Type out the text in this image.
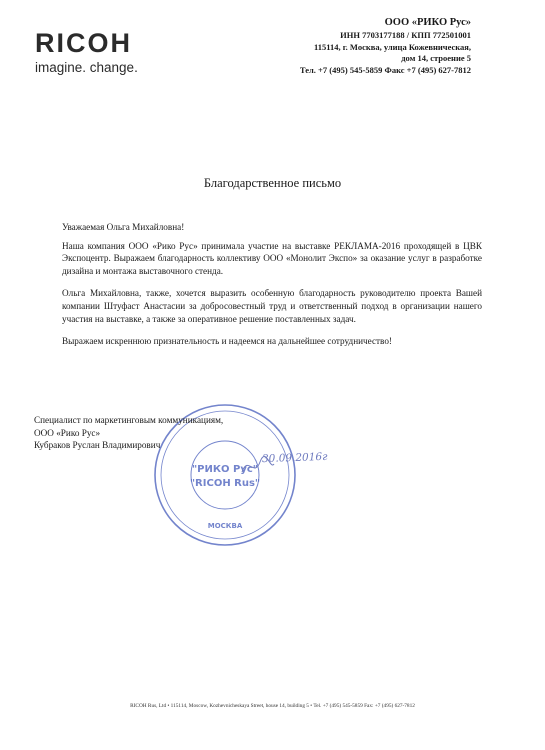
RICOH
imagine. change.
ООО «РИКО Рус»
ИНН 7703177188 / КПП 772501001
115114, г. Москва, улица Кожевническая,
дом 14, строение 5
Тел. +7 (495) 545-5859 Факс +7 (495) 627-7812
Благодарственное письмо

Уважаемая Ольга Михайловна!

Наша компания ООО «Рико Рус» принимала участие на выставке РЕКЛАМА-2016 проходящей в ЦВК Экспоцентр. Выражаем благодарность коллективу ООО «Монолит Экспо» за оказание услуг в разработке дизайна и монтажа выставочного стенда.

Ольга Михайловна, также, хочется выразить особенную благодарность руководителю проекта Вашей компании Штуфаст Анастасии за добросовестный труд и ответственный подход в организации нашего участия на выставке, а также за оперативное решение поставленных задач.

Выражаем искреннюю признательность и надеемся на дальнейшее сотрудничество!

"РИКО Рус"
"RICOH Rus"
МОСКВА
Специалист по маркетинговым коммуникациям,
ООО «Рико Рус»
Кубраков Руслан Владимирович
30.09.2016г
RICOH Rus, Ltd • 115114, Moscow, Kozhevnicheskaya Street, house 14, building 5 • Tel. +7 (495) 545-5859 Fax: +7 (495) 627-7812
